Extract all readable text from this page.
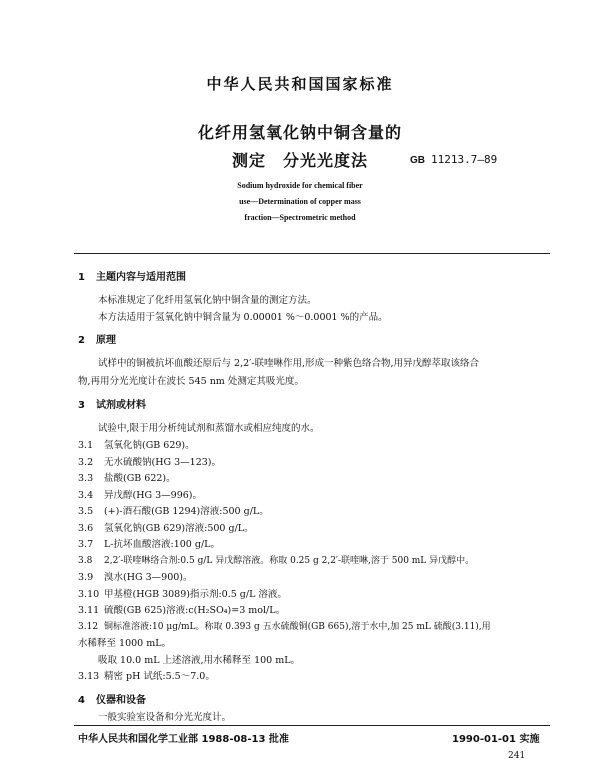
中华人民共和国国家标准
化纤用氢氧化钠中铜含量的
测定　分光光度法	GB 11213.7—89
Sodium hydroxide for chemical fiber
use—Determination of copper mass
fraction—Spectrometric method
1 主题内容与适用范围
本标准规定了化纤用氢氧化钠中铜含量的测定方法。
本方法适用于氢氧化钠中铜含量为 0.00001 %～0.0001 %的产品。
2 原理
试样中的铜被抗坏血酸还原后与 2,2′-联喹啉作用,形成一种紫色络合物,用异戊醇萃取该络合
物,再用分光光度计在波长 545 nm 处测定其吸光度。
3 试剂或材料
试验中,限于用分析纯试剂和蒸馏水或相应纯度的水。
3.1 氢氧化钠(GB 629)。
3.2 无水硫酸钠(HG 3—123)。
3.3 盐酸(GB 622)。
3.4 异戊醇(HG 3—996)。
3.5 (+)-酒石酸(GB 1294)溶液:500 g/L。
3.6 氢氧化钠(GB 629)溶液:500 g/L。
3.7 L-抗坏血酸溶液:100 g/L。
3.8 2,2′-联喹啉络合剂:0.5 g/L 异戊醇溶液。称取 0.25 g 2,2′-联喹啉,溶于 500 mL 异戊醇中。
3.9 溴水(HG 3—900)。
3.10 甲基橙(HGB 3089)指示剂:0.5 g/L 溶液。
3.11 硫酸(GB 625)溶液:c(H₂SO₄)=3 mol/L。
3.12 铜标准溶液:10 μg/mL。称取 0.393 g 五水硫酸铜(GB 665),溶于水中,加 25 mL 硫酸(3.11),用
水稀释至 1000 mL。
吸取 10.0 mL 上述溶液,用水稀释至 100 mL。
3.13 精密 pH 试纸:5.5～7.0。
4 仪器和设备
一般实验室设备和分光光度计。
中华人民共和国化学工业部 1988-08-13 批准	1990-01-01 实施
241
